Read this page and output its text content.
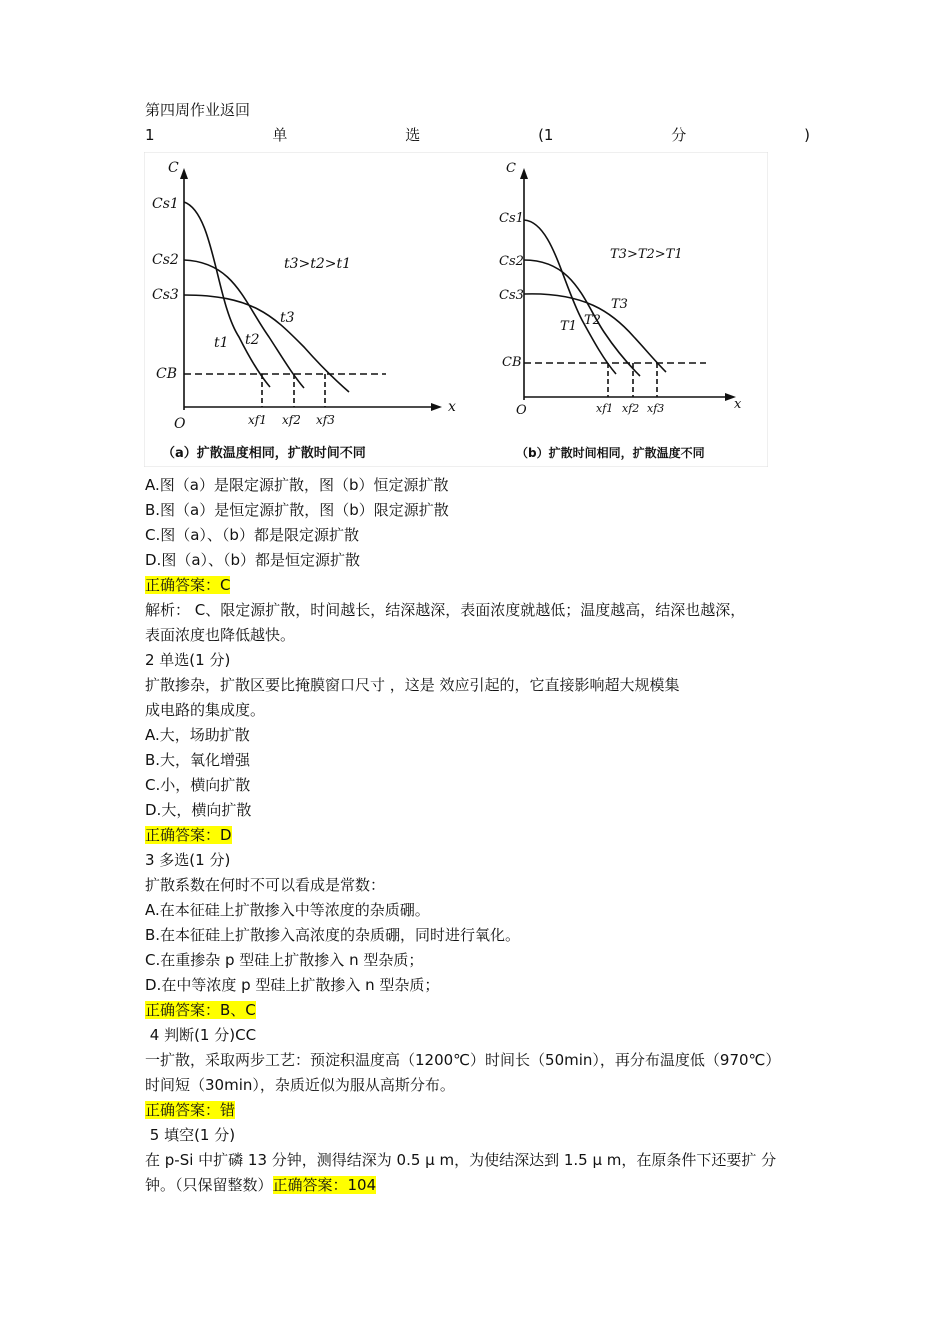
第四周作业返回
1	单	选	(1	分	)
C
x
O
Cs1
Cs2
Cs3
CB
t3>t2>t1
t1 t2
t3
xf1 xf2 xf3
（a）扩散温度相同，扩散时间不同
C
x
O
Cs1
Cs2
Cs3
CB
T3>T2>T1
T1 T2
T3
xf1 xf2 xf3
（b）扩散时间相同，扩散温度不同
A.图（a）是限定源扩散，图（b）恒定源扩散
B.图（a）是恒定源扩散，图（b）限定源扩散
C.图（a）、（b）都是限定源扩散
D.图（a）、（b）都是恒定源扩散
正确答案：C
解析： C、限定源扩散，时间越长，结深越深，表面浓度就越低；温度越高，结深也越深，
表面浓度也降低越快。
2 单选(1 分)
扩散掺杂，扩散区要比掩膜窗口尺寸 ，这是 效应引起的，它直接影响超大规模集
成电路的集成度。
A.大，场助扩散
B.大，氧化增强
C.小，横向扩散
D.大，横向扩散
正确答案：D
3 多选(1 分)
扩散系数在何时不可以看成是常数：
A.在本征硅上扩散掺入中等浓度的杂质硼。
B.在本征硅上扩散掺入高浓度的杂质硼，同时进行氧化。
C.在重掺杂 p 型硅上扩散掺入 n 型杂质；
D.在中等浓度 p 型硅上扩散掺入 n 型杂质；
正确答案：B、C
4 判断(1 分)CC
一扩散，采取两步工艺：预淀积温度高（1200℃）时间长（50min），再分布温度低（970℃）
时间短（30min），杂质近似为服从高斯分布。
正确答案：错
5 填空(1 分)
在 p-Si 中扩磷 13 分钟，测得结深为 0.5 μ m，为使结深达到 1.5 μ m，在原条件下还要扩 分
钟。（只保留整数）正确答案：104
